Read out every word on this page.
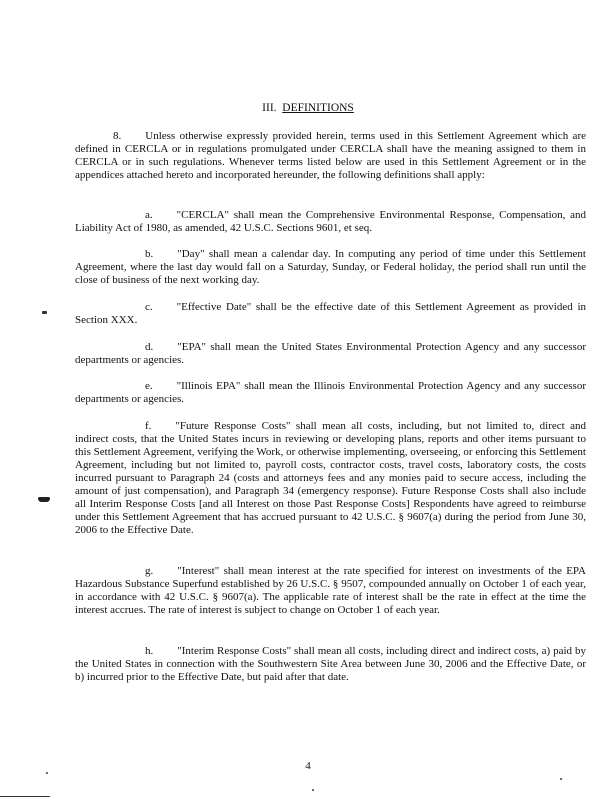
III. DEFINITIONS

8. Unless otherwise expressly provided herein, terms used in this Settlement Agreement which are defined in CERCLA or in regulations promulgated under CERCLA shall have the meaning assigned to them in CERCLA or in such regulations. Whenever terms listed below are used in this Settlement Agreement or in the appendices attached hereto and incorporated hereunder, the following definitions shall apply:

a. "CERCLA" shall mean the Comprehensive Environmental Response, Compensation, and Liability Act of 1980, as amended, 42 U.S.C. Sections 9601, et seq.

b. "Day" shall mean a calendar day. In computing any period of time under this Settlement Agreement, where the last day would fall on a Saturday, Sunday, or Federal holiday, the period shall run until the close of business of the next working day.

c. "Effective Date" shall be the effective date of this Settlement Agreement as provided in Section XXX.

d. "EPA" shall mean the United States Environmental Protection Agency and any successor departments or agencies.

e. "Illinois EPA" shall mean the Illinois Environmental Protection Agency and any successor departments or agencies.

f. "Future Response Costs" shall mean all costs, including, but not limited to, direct and indirect costs, that the United States incurs in reviewing or developing plans, reports and other items pursuant to this Settlement Agreement, verifying the Work, or otherwise implementing, overseeing, or enforcing this Settlement Agreement, including but not limited to, payroll costs, contractor costs, travel costs, laboratory costs, the costs incurred pursuant to Paragraph 24 (costs and attorneys fees and any monies paid to secure access, including the amount of just compensation), and Paragraph 34 (emergency response). Future Response Costs shall also include all Interim Response Costs [and all Interest on those Past Response Costs] Respondents have agreed to reimburse under this Settlement Agreement that has accrued pursuant to 42 U.S.C. § 9607(a) during the period from June 30, 2006 to the Effective Date.

g. "Interest" shall mean interest at the rate specified for interest on investments of the EPA Hazardous Substance Superfund established by 26 U.S.C. § 9507, compounded annually on October 1 of each year, in accordance with 42 U.S.C. § 9607(a). The applicable rate of interest shall be the rate in effect at the time the interest accrues. The rate of interest is subject to change on October 1 of each year.

h. "Interim Response Costs" shall mean all costs, including direct and indirect costs, a) paid by the United States in connection with the Southwestern Site Area between June 30, 2006 and the Effective Date, or b) incurred prior to the Effective Date, but paid after that date.

4
